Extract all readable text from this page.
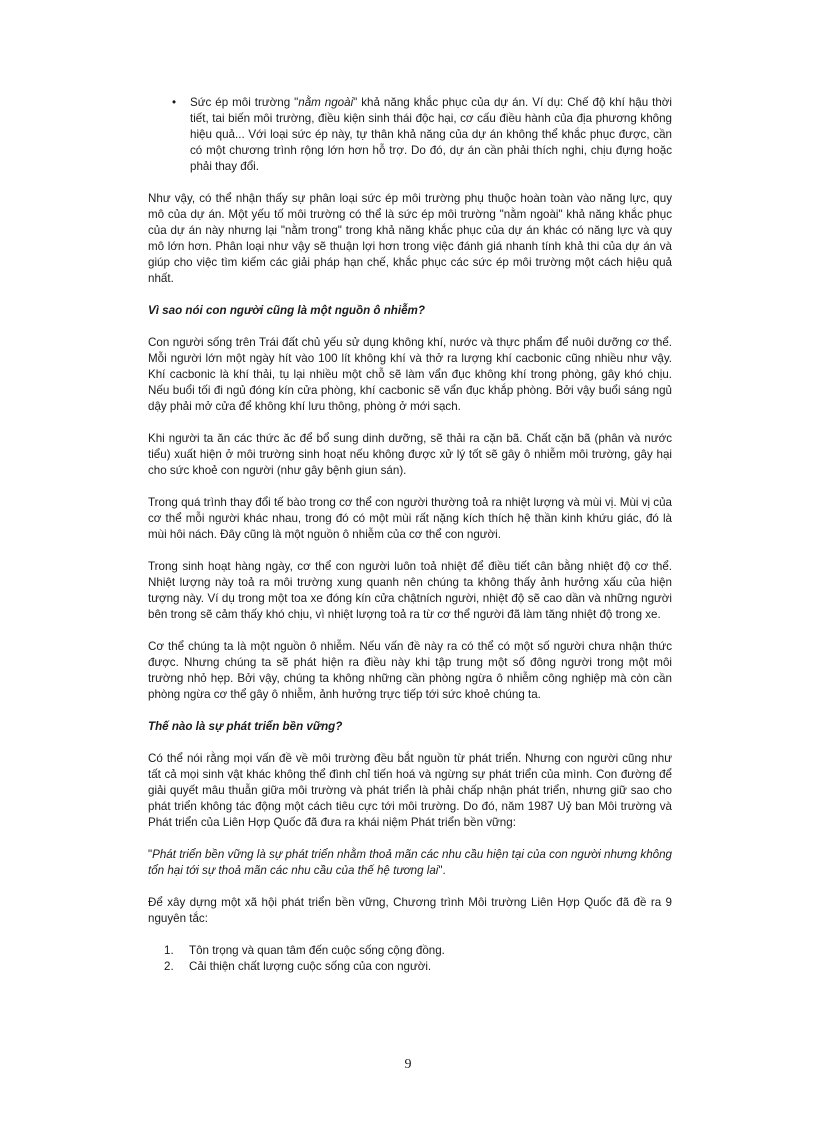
• Sức ép môi trường "nằm ngoài" khả năng khắc phục của dự án. Ví dụ: Chế độ khí hậu thời tiết, tai biến môi trường, điều kiện sinh thái độc hại, cơ cấu điều hành của địa phương không hiệu quả... Với loại sức ép này, tự thân khả năng của dự án không thể khắc phục được, cần có một chương trình rộng lớn hơn hỗ trợ. Do đó, dự án cần phải thích nghi, chịu đựng hoặc phải thay đổi.

Như vậy, có thể nhận thấy sự phân loại sức ép môi trường phụ thuộc hoàn toàn vào năng lực, quy mô của dự án. Một yếu tố môi trường có thể là sức ép môi trường "nằm ngoài" khả năng khắc phục của dự án này nhưng lại "nằm trong" trong khả năng khắc phục của dự án khác có năng lực và quy mô lớn hơn. Phân loại như vậy sẽ thuận lợi hơn trong việc đánh giá nhanh tính khả thi của dự án và giúp cho việc tìm kiếm các giải pháp hạn chế, khắc phục các sức ép môi trường một cách hiệu quả nhất.

Vì sao nói con người cũng là một nguồn ô nhiễm?

Con người sống trên Trái đất chủ yếu sử dụng không khí, nước và thực phẩm để nuôi dưỡng cơ thể. Mỗi người lớn một ngày hít vào 100 lít không khí và thở ra lượng khí cacbonic cũng nhiều như vậy. Khí cacbonic là khí thải, tụ lại nhiều một chỗ sẽ làm vẩn đục không khí trong phòng, gây khó chịu. Nếu buổi tối đi ngủ đóng kín cửa phòng, khí cacbonic sẽ vẩn đục khắp phòng. Bởi vậy buổi sáng ngủ dậy phải mở cửa để không khí lưu thông, phòng ở mới sạch.

Khi người ta ăn các thức ăc để bổ sung dinh dưỡng, sẽ thải ra cặn bã. Chất cặn bã (phân và nước tiểu) xuất hiện ở môi trường sinh hoạt nếu không được xử lý tốt sẽ gây ô nhiễm môi trường, gây hại cho sức khoẻ con người (như gây bệnh giun sán).

Trong quá trình thay đổi tế bào trong cơ thể con người thường toả ra nhiệt lượng và mùi vị. Mùi vị của cơ thể mỗi người khác nhau, trong đó có một mùi rất nặng kích thích hệ thần kinh khứu giác, đó là mùi hôi nách. Đây cũng là một nguồn ô nhiễm của cơ thể con người.

Trong sinh hoạt hàng ngày, cơ thể con người luôn toả nhiệt để điều tiết cân bằng nhiệt độ cơ thể. Nhiệt lượng này toả ra môi trường xung quanh nên chúng ta không thấy ảnh hưởng xấu của hiện tượng này. Ví dụ trong một toa xe đóng kín cửa chậtních người, nhiệt độ sẽ cao dần và những người bên trong sẽ cảm thấy khó chịu, vì nhiệt lượng toả ra từ cơ thể người đã làm tăng nhiệt độ trong xe.

Cơ thể chúng ta là một nguồn ô nhiễm. Nếu vấn đề này ra có thể có một số người chưa nhận thức được. Nhưng chúng ta sẽ phát hiện ra điều này khi tập trung một số đông người trong một môi trường nhỏ hẹp. Bởi vậy, chúng ta không những cần phòng ngừa ô nhiễm công nghiệp mà còn cần phòng ngừa cơ thể gây ô nhiễm, ảnh hưởng trực tiếp tới sức khoẻ chúng ta.

Thế nào là sự phát triển bền vững?

Có thể nói rằng mọi vấn đề về môi trường đều bắt nguồn từ phát triển. Nhưng con người cũng như tất cả mọi sinh vật khác không thể đình chỉ tiến hoá và ngừng sự phát triển của mình. Con đường để giải quyết mâu thuẫn giữa môi trường và phát triển là phải chấp nhận phát triển, nhưng giữ sao cho phát triển không tác động một cách tiêu cực tới môi trường. Do đó, năm 1987 Uỷ ban Môi trường và Phát triển của Liên Hợp Quốc đã đưa ra khái niệm Phát triển bền vững:

"Phát triển bền vững là sự phát triển nhằm thoả mãn các nhu cầu hiện tại của con người nhưng không tổn hại tới sự thoả mãn các nhu cầu của thế hệ tương lai".

Để xây dựng một xã hội phát triển bền vững, Chương trình Môi trường Liên Hợp Quốc đã đề ra 9 nguyên tắc:

1. Tôn trọng và quan tâm đến cuộc sống cộng đồng.
2. Cải thiện chất lượng cuộc sống của con người.
9
